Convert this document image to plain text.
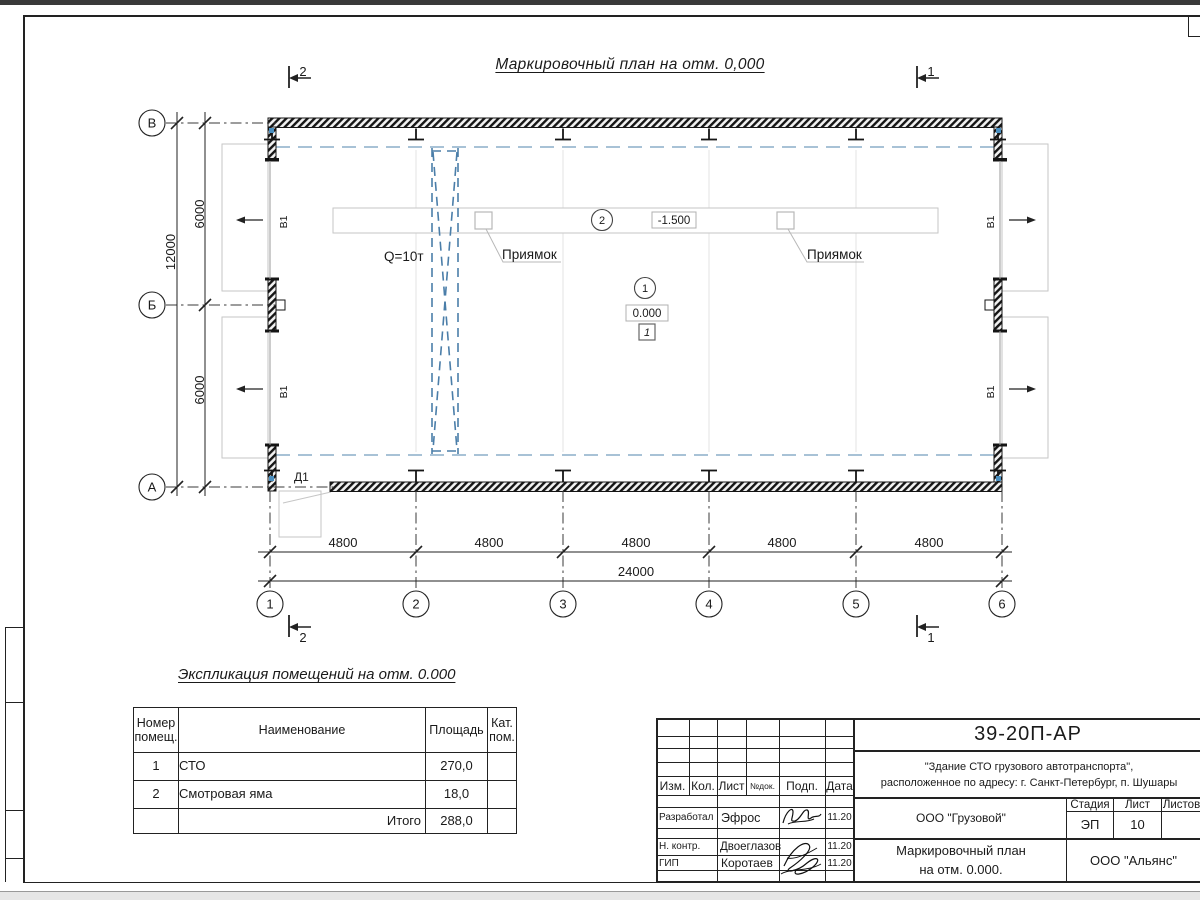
Маркировочный план на отм. 0,000
4800	4800	4800	4800	4800
24000
6000
6000
12000
В
Б
А
1	2	3	4	5	6
2	1
2	1
2
1
-1.500
0.000
1
Q=10т	Приямок	Приямок
Д1
В1
В1
В1
В1
Экспликация помещений на отм. 0.000
Номер помещ.	Наименование	Площадь	Кат. пом.
1	СТО	270,0	
2	Смотровая яма	18,0	
	Итого	288,0	
39-20П-АР
"Здание СТО грузового автотранспорта",
расположенное по адресу: г. Санкт-Петербург, п. Шушары
Изм. Кол. Лист №док. Подп. Дата
Разработал Эфрос	11.20
Н. контр.	Двоеглазов	11.20
ГИП	Коротаев	11.20
ООО "Грузовой"
Стадия	Лист	Листов
ЭП	10
Маркировочный план
на отм. 0.000.
ООО "Альянс"
